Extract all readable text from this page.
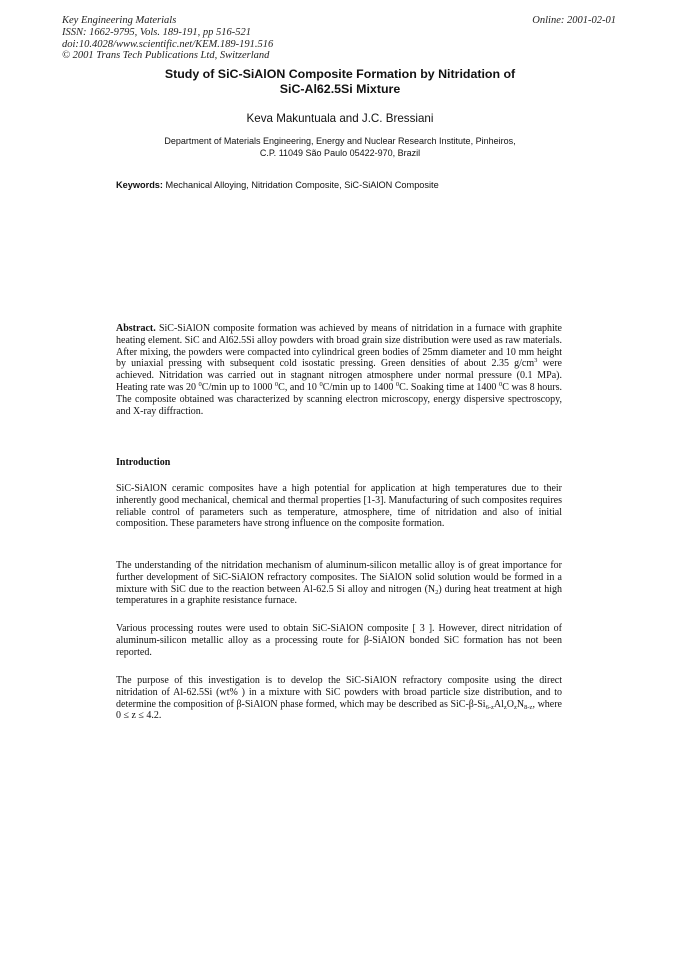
Key Engineering Materials
ISSN: 1662-9795, Vols. 189-191, pp 516-521
doi:10.4028/www.scientific.net/KEM.189-191.516
© 2001 Trans Tech Publications Ltd, Switzerland
Online: 2001-02-01
Study of SiC-SiAlON Composite Formation by Nitridation of
SiC-Al62.5Si Mixture
Keva Makuntuala and J.C. Bressiani
Department of Materials Engineering, Energy and Nuclear Research Institute, Pinheiros,
C.P. 11049 São Paulo 05422-970, Brazil
Keywords: Mechanical Alloying, Nitridation Composite, SiC-SiAlON Composite

Abstract. SiC-SiAlON composite formation was achieved by means of nitridation in a furnace with graphite heating element. SiC and Al62.5Si alloy powders with broad grain size distribution were used as raw materials. After mixing, the powders were compacted into cylindrical green bodies of 25mm diameter and 10 mm height by uniaxial pressing with subsequent cold isostatic pressing. Green densities of about 2.35 $g/cm^3$ were achieved. Nitridation was carried out in stagnant nitrogen atmosphere under normal pressure (0.1 MPa). Heating rate was 20 $^0$C/min up to 1000 $^0$C, and 10 $^0$C/min up to 1400 $^0$C. Soaking time at 1400 $^0$C was 8 hours. The composite obtained was characterized by scanning electron microscopy, energy dispersive spectroscopy, and X-ray diffraction.

Introduction

SiC-SiAlON ceramic composites have a high potential for application at high temperatures due to their inherently good mechanical, chemical and thermal properties [1-3]. Manufacturing of such composites requires reliable control of parameters such as temperature, atmosphere, time of nitridation and also of initial composition. These parameters have strong influence on the composite formation.

The understanding of the nitridation mechanism of aluminum-silicon metallic alloy is of great importance for further development of SiC-SiAlON refractory composites. The SiAlON solid solution would be formed in a mixture with SiC due to the reaction between Al-62.5 Si alloy and nitrogen $(N_2)$ during heat treatment at high temperatures in a graphite resistance furnace.

Various processing routes were used to obtain SiC-SiAlON composite [ 3 ]. However, direct nitridation of aluminum-silicon metallic alloy as a processing route for β-SiAlON bonded SiC formation has not been reported.

The purpose of this investigation is to develop the SiC-SiAlON refractory composite using the direct nitridation of Al-62.5Si (wt% ) in a mixture with SiC powders with broad particle size distribution, and to determine the composition of β-SiAlON phase formed, which may be described as SiC-$\beta-Si_{6-z}Al_zO_zN_{8-z}$, where 0 ≤ z ≤ 4.2.
